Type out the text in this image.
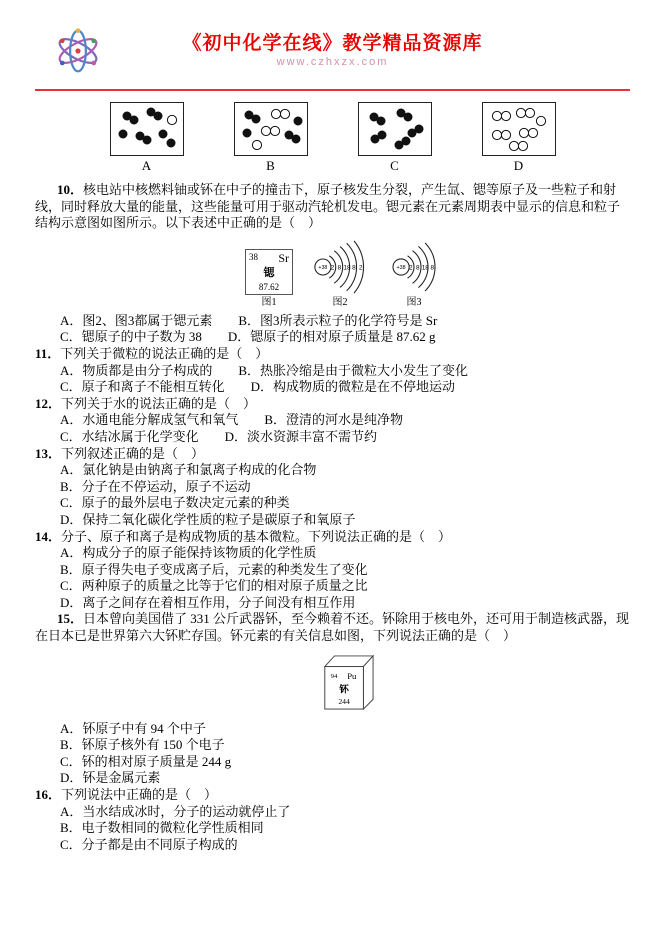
《初中化学在线》教学精品资源库
www.czhxzx.com
A	B	C	D

10．核电站中核燃料铀或钚在中子的撞击下，原子核发生分裂，产生氙、锶等原子及一些粒子和射线，同时释放大量的能量，这些能量可用于驱动汽轮机发电。锶元素在元素周期表中显示的信息和粒子结构示意图如图所示。以下表述中正确的是（　）

38 Sr
锶
87.62
图1
+38 2 8 18 8 2
图2
+38 2 8 18 8
图3

A．图2、图3都属于锶元素　　B．图3所表示粒子的化学符号是 Sr

C．锶原子的中子数为 38　　D．锶原子的相对原子质量是 87.62 g

11．下列关于微粒的说法正确的是（　）

A．物质都是由分子构成的　　B．热胀冷缩是由于微粒大小发生了变化

C．原子和离子不能相互转化　　D．构成物质的微粒是在不停地运动

12．下列关于水的说法正确的是（　）

A．水通电能分解成氢气和氧气　　B．澄清的河水是纯净物

C．水结冰属于化学变化　　D．淡水资源丰富不需节约

13．下列叙述正确的是（　）

A．氯化钠是由钠离子和氯离子构成的化合物

B．分子在不停运动，原子不运动

C．原子的最外层电子数决定元素的种类

D．保持二氧化碳化学性质的粒子是碳原子和氧原子

14．分子、原子和离子是构成物质的基本微粒。下列说法正确的是（　）

A．构成分子的原子能保持该物质的化学性质

B．原子得失电子变成离子后，元素的种类发生了变化

C．两种原子的质量之比等于它们的相对原子质量之比

D．离子之间存在着相互作用，分子间没有相互作用

15．日本曾向美国借了 331 公斤武器钚，至今赖着不还。钚除用于核电外，还可用于制造核武器，现在日本已是世界第六大钚贮存国。钚元素的有关信息如图，下列说法正确的是（　）

94 Pu
钚
244

A．钚原子中有 94 个中子

B．钚原子核外有 150 个电子

C．钚的相对原子质量是 244 g

D．钚是金属元素

16．下列说法中正确的是（　）

A．当水结成冰时，分子的运动就停止了

B．电子数相同的微粒化学性质相同

C．分子都是由不同原子构成的
